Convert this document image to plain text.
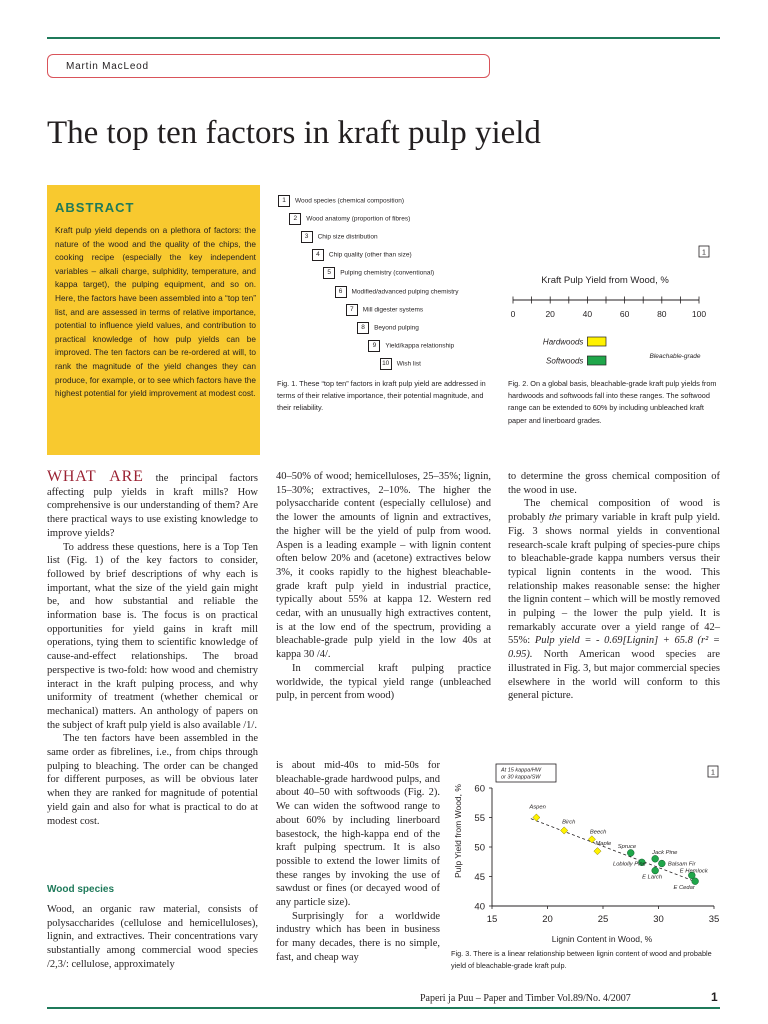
Martin MacLeod
The top ten factors in kraft pulp yield
ABSTRACT
Kraft pulp yield depends on a plethora of factors: the nature of the wood and the quality of the chips, the cooking recipe (especially the key independent variables – alkali charge, sulphidity, temperature, and kappa target), the pulping equipment, and so on. Here, the factors have been assembled into a “top ten” list, and are assessed in terms of relative importance, potential to influence yield values, and contribution to practical knowledge of how pulp yields can be improved. The ten factors can be re-ordered at will, to rank the magnitude of the yield changes they can produce, for example, or to see which factors have the highest potential for yield improvement at modest cost.
1 Wood species (chemical composition)
2 Wood anatomy (proportion of fibres)
3 Chip size distribution
4 Chip quality (other than size)
5 Pulping chemistry (conventional)
6 Modified/advanced pulping chemistry
7 Mill digester systems
8 Beyond pulping
9 Yield/kappa relationship
10 Wish list
Fig. 1. These “top ten” factors in kraft pulp yield are addressed in terms of their relative importance, their potential magnitude, and their reliability.
1
Kraft Pulp Yield from Wood, %
0	20	40	60	80	100
Hardwoods
Softwoods	Bleachable-grade
Fig. 2. On a global basis, bleachable-grade kraft pulp yields from hardwoods and softwoods fall into these ranges. The softwood range can be extended to 60% by including unbleached kraft paper and linerboard grades.

WHAT ARE the principal factors affecting pulp yields in kraft mills? How comprehensive is our understanding of them? Are there practical ways to use existing knowledge to improve yields?

To address these questions, here is a Top Ten list (Fig. 1) of the key factors to consider, followed by brief descriptions of why each is important, what the size of the yield gain might be, and how substantial and reliable the information base is. The focus is on practical opportunities for yield gains in kraft mill operations, tying them to scientific knowledge of cause-and-effect relationships. The broad perspective is two-fold: how wood and chemistry interact in the kraft pulping process, and why uniformity of treatment (whether chemical or mechanical) matters. An anthology of papers on the subject of kraft pulp yield is also available /1/.

The ten factors have been assembled in the same order as fibrelines, i.e., from chips through pulping to bleaching. The order can be changed for different purposes, as will be obvious later when they are ranked for magnitude of potential yield gain and also for what is practical to do at modest cost.

Wood species

Wood, an organic raw material, consists of polysaccharides (cellulose and hemicelluloses), lignin, and extractives. Their concentrations vary substantially among commercial wood species /2,3/: cellulose, approximately

40–50% of wood; hemicelluloses, 25–35%; lignin, 15–30%; extractives, 2–10%. The higher the polysaccharide content (especially cellulose) and the lower the amounts of lignin and extractives, the higher will be the yield of pulp from wood. Aspen is a leading example – with lignin content often below 20% and (acetone) extractives below 3%, it cooks rapidly to the highest bleachable-grade kraft pulp yield in industrial practice, typically about 55% at kappa 12. Western red cedar, with an unusually high extractives content, is at the low end of the spectrum, providing a bleachable-grade pulp yield in the low 40s at kappa 30 /4/.

In commercial kraft pulping practice worldwide, the typical yield range (unbleached pulp, in percent from wood)

is about mid-40s to mid-50s for bleachable-grade hardwood pulps, and about 40–50 with softwoods (Fig. 2). We can widen the softwood range to about 60% by including linerboard basestock, the high-kappa end of the kraft pulping spectrum. It is also possible to extend the lower limits of these ranges by invoking the use of sawdust or fines (or decayed wood of any particle size).

Surprisingly for a worldwide industry which has been in business for many decades, there is no simple, fast, and cheap way

to determine the gross chemical composition of the wood in use.

The chemical composition of wood is probably the primary variable in kraft pulp yield. Fig. 3 shows normal yields in conventional research-scale kraft pulping of species-pure chips to bleachable-grade kappa numbers versus their typical lignin contents in the wood. This relationship makes reasonable sense: the higher the lignin content – which will be mostly removed in pulping – the lower the pulp yield. It is remarkably accurate over a yield range of 42–55%: Pulp yield = - 0.69[Lignin] + 65.8 (r² = 0.95). North American wood species are illustrated in Fig. 3, but major commercial species elsewhere in the world will conform to this general picture.

1
At 15 kappa/HW or 30 kappa/SW
15	20	25	30	35
40
45
50
55
60
Aspen
Birch
Beech
Maple Spruce
Loblolly Pine
Jack Pine
Balsam Fir
E Larch
E Hemlock
E Cedar
Pulp Yield from Wood, %
Lignin Content in Wood, %
Fig. 3. There is a linear relationship between lignin content of wood and probable yield of bleachable-grade kraft pulp.
Paperi ja Puu – Paper and Timber Vol.89/No. 4/2007	1
